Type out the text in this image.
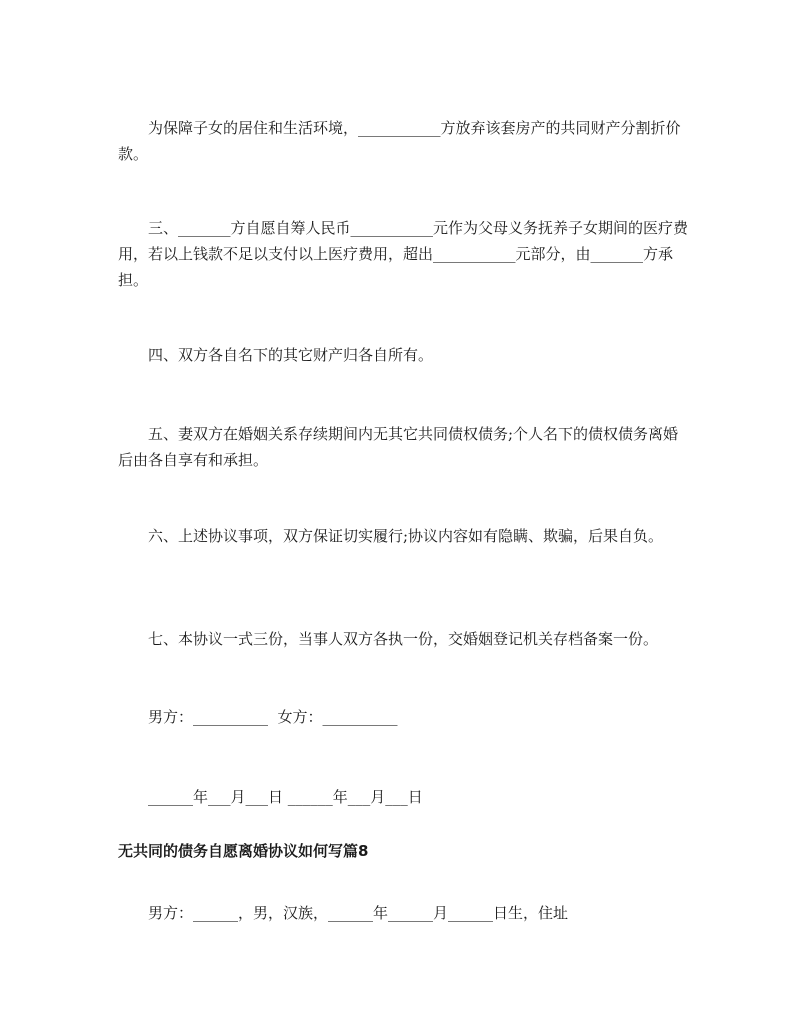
为保障子女的居住和生活环境，___________方放弃该套房产的共同财产分割折价款。

三、_______方自愿自筹人民币___________元作为父母义务抚养子女期间的医疗费用，若以上钱款不足以支付以上医疗费用，超出___________元部分，由_______方承担。

四、双方各自名下的其它财产归各自所有。

五、妻双方在婚姻关系存续期间内无其它共同债权债务;个人名下的债权债务离婚后由各自享有和承担。

六、上述协议事项，双方保证切实履行;协议内容如有隐瞒、欺骗，后果自负。

七、本协议一式三份，当事人双方各执一份，交婚姻登记机关存档备案一份。

男方：__________  女方：__________

______年___月___日 ______年___月___日

无共同的债务自愿离婚协议如何写篇8

男方：______，男，汉族，______年______月______日生，住址
